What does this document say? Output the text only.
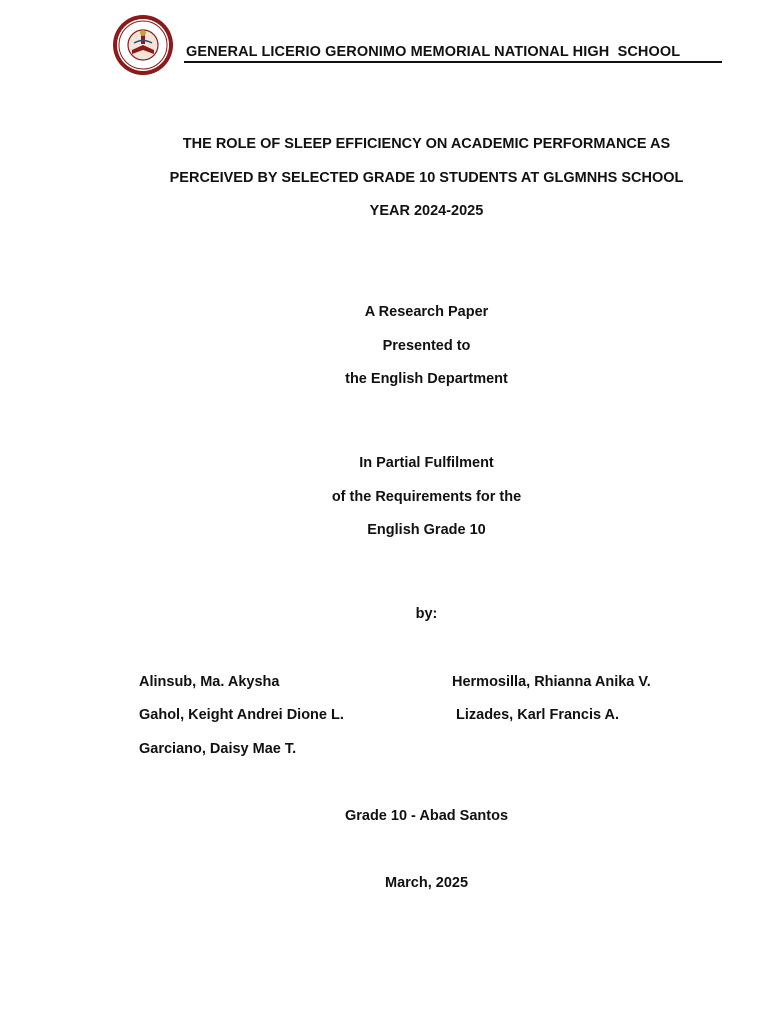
GENERAL LICERIO GERONIMO MEMORIAL NATIONAL HIGH  SCHOOL
THE ROLE OF SLEEP EFFICIENCY ON ACADEMIC PERFORMANCE AS
PERCEIVED BY SELECTED GRADE 10 STUDENTS AT GLGMNHS SCHOOL
YEAR 2024-2025
A Research Paper
Presented to
the English Department
In Partial Fulfilment
of the Requirements for the
English Grade 10
by:
Alinsub, Ma. Akysha
Gahol, Keight Andrei Dione L.
Garciano, Daisy Mae T.
Hermosilla, Rhianna Anika V.
Lizades, Karl Francis A.
Grade 10 - Abad Santos
March, 2025
